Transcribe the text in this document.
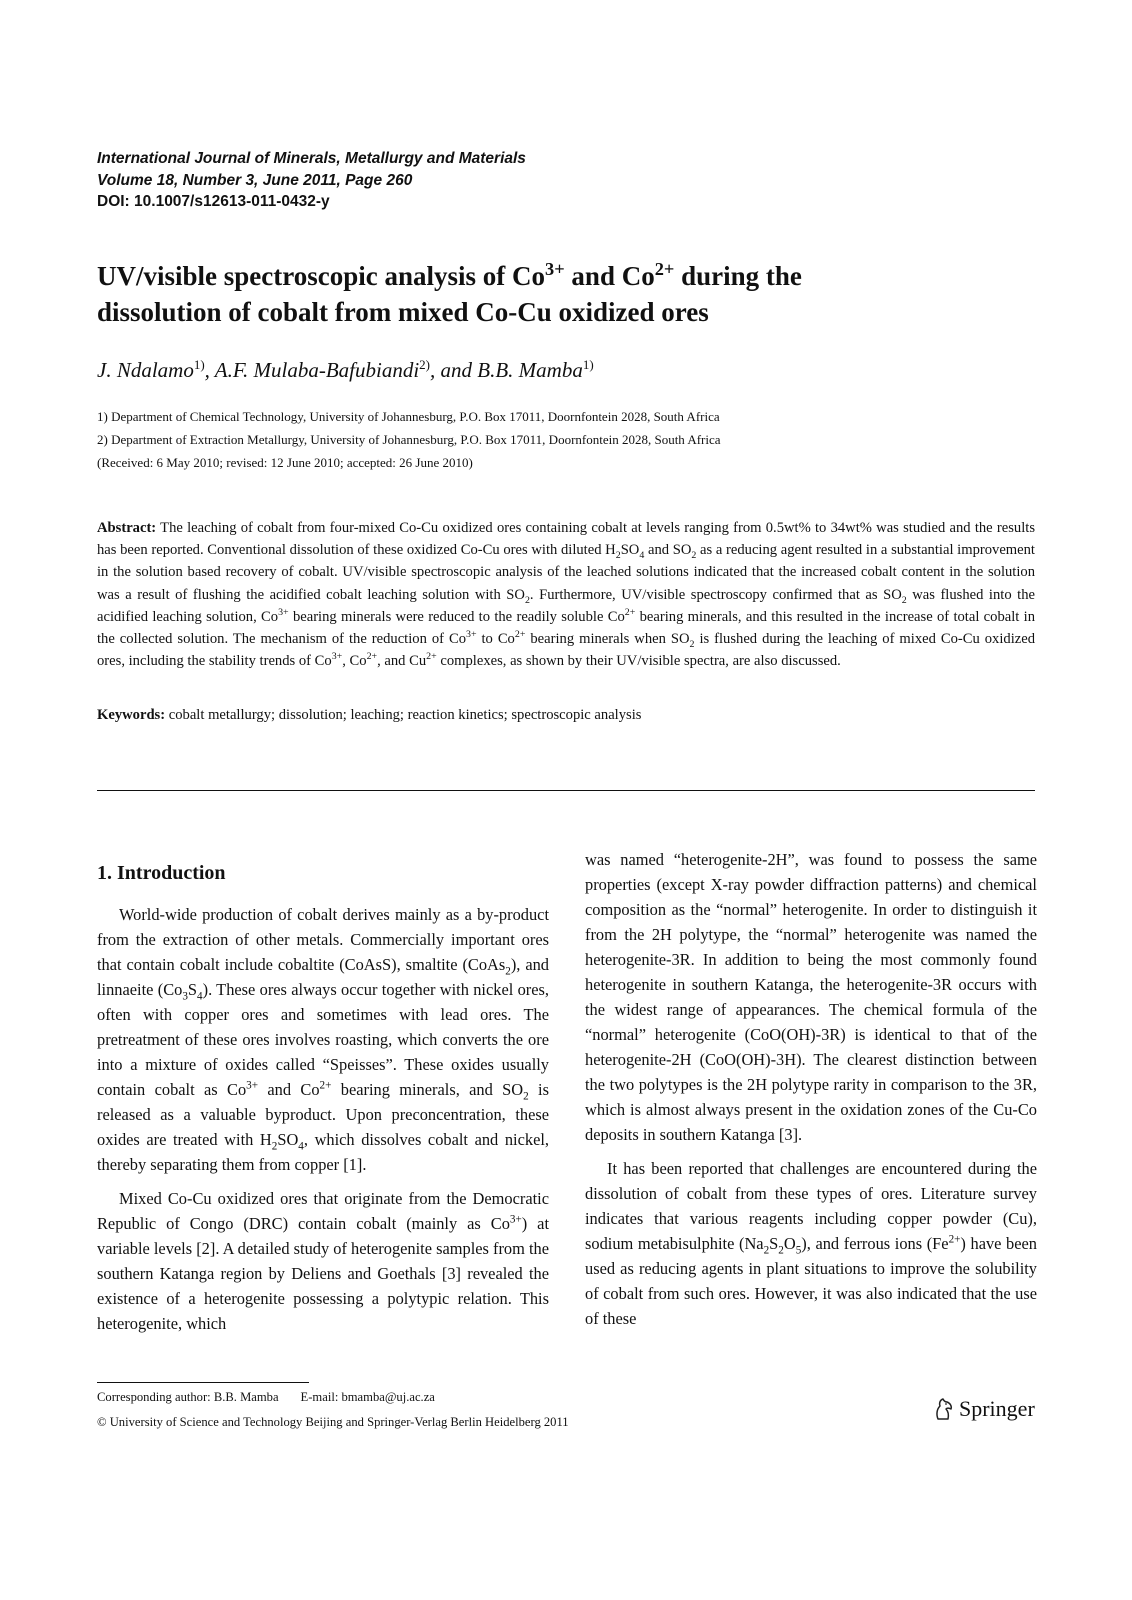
International Journal of Minerals, Metallurgy and Materials
Volume 18, Number 3, June 2011, Page 260
DOI: 10.1007/s12613-011-0432-y
UV/visible spectroscopic analysis of $Co^{3+}$ and $Co^{2+}$ during the
dissolution of cobalt from mixed Co-Cu oxidized ores

J. Ndalamo$^{1)}$, A.F. Mulaba-Bafubiandi$^{2)}$, and B.B. Mamba$^{1)}$

1) Department of Chemical Technology, University of Johannesburg, P.O. Box 17011, Doornfontein 2028, South Africa
2) Department of Extraction Metallurgy, University of Johannesburg, P.O. Box 17011, Doornfontein 2028, South Africa
(Received: 6 May 2010; revised: 12 June 2010; accepted: 26 June 2010)

Abstract: The leaching of cobalt from four-mixed Co-Cu oxidized ores containing cobalt at levels ranging from 0.5wt% to 34wt% was studied and the results has been reported. Conventional dissolution of these oxidized Co-Cu ores with diluted $H_2SO_4$ and $SO_2$ as a reducing agent resulted in a substantial improvement in the solution based recovery of cobalt. UV/visible spectroscopic analysis of the leached solutions indicated that the increased cobalt content in the solution was a result of flushing the acidified cobalt leaching solution with $SO_2$. Furthermore, UV/visible spectroscopy confirmed that as $SO_2$ was flushed into the acidified leaching solution, $Co^{3+}$ bearing minerals were reduced to the readily soluble $Co^{2+}$ bearing minerals, and this resulted in the increase of total cobalt in the collected solution. The mechanism of the reduction of $Co^{3+}$ to $Co^{2+}$ bearing minerals when $SO_2$ is flushed during the leaching of mixed Co-Cu oxidized ores, including the stability trends of $Co^{3+}$, $Co^{2+}$, and $Cu^{2+}$ complexes, as shown by their UV/visible spectra, are also discussed.

Keywords: cobalt metallurgy; dissolution; leaching; reaction kinetics; spectroscopic analysis

1. Introduction

World-wide production of cobalt derives mainly as a by-product from the extraction of other metals. Commercially important ores that contain cobalt include cobaltite (CoAsS), smaltite (CoAs$_2$), and linnaeite $(Co_3S_4)$. These ores always occur together with nickel ores, often with copper ores and sometimes with lead ores. The pretreatment of these ores involves roasting, which converts the ore into a mixture of oxides called “Speisses”. These oxides usually contain cobalt as $Co^{3+}$ and $Co^{2+}$ bearing minerals, and $SO_2$ is released as a valuable byproduct. Upon preconcentration, these oxides are treated with $H_2SO_4$, which dissolves cobalt and nickel, thereby separating them from copper [1].

Mixed Co-Cu oxidized ores that originate from the Democratic Republic of Congo (DRC) contain cobalt (mainly as $Co^{3+}$) at variable levels [2]. A detailed study of heterogenite samples from the southern Katanga region by Deliens and Goethals [3] revealed the existence of a heterogenite possessing a polytypic relation. This heterogenite, which

was named “heterogenite-2H”, was found to possess the same properties (except X-ray powder diffraction patterns) and chemical composition as the “normal” heterogenite. In order to distinguish it from the 2H polytype, the “normal” heterogenite was named the heterogenite-3R. In addition to being the most commonly found heterogenite in southern Katanga, the heterogenite-3R occurs with the widest range of appearances. The chemical formula of the “normal” heterogenite (CoO(OH)-3R) is identical to that of the heterogenite-2H (CoO(OH)-3H). The clearest distinction between the two polytypes is the 2H polytype rarity in comparison to the 3R, which is almost always present in the oxidation zones of the Cu-Co deposits in southern Katanga [3].

It has been reported that challenges are encountered during the dissolution of cobalt from these types of ores. Literature survey indicates that various reagents including copper powder (Cu), sodium metabisulphite $(Na_2S_2O_5)$, and ferrous ions $(Fe^{2+})$ have been used as reducing agents in plant situations to improve the solubility of cobalt from such ores. However, it was also indicated that the use of these

Corresponding author: B.B. Mamba E-mail: bmamba@uj.ac.za
© University of Science and Technology Beijing and Springer-Verlag Berlin Heidelberg 2011
Springer
